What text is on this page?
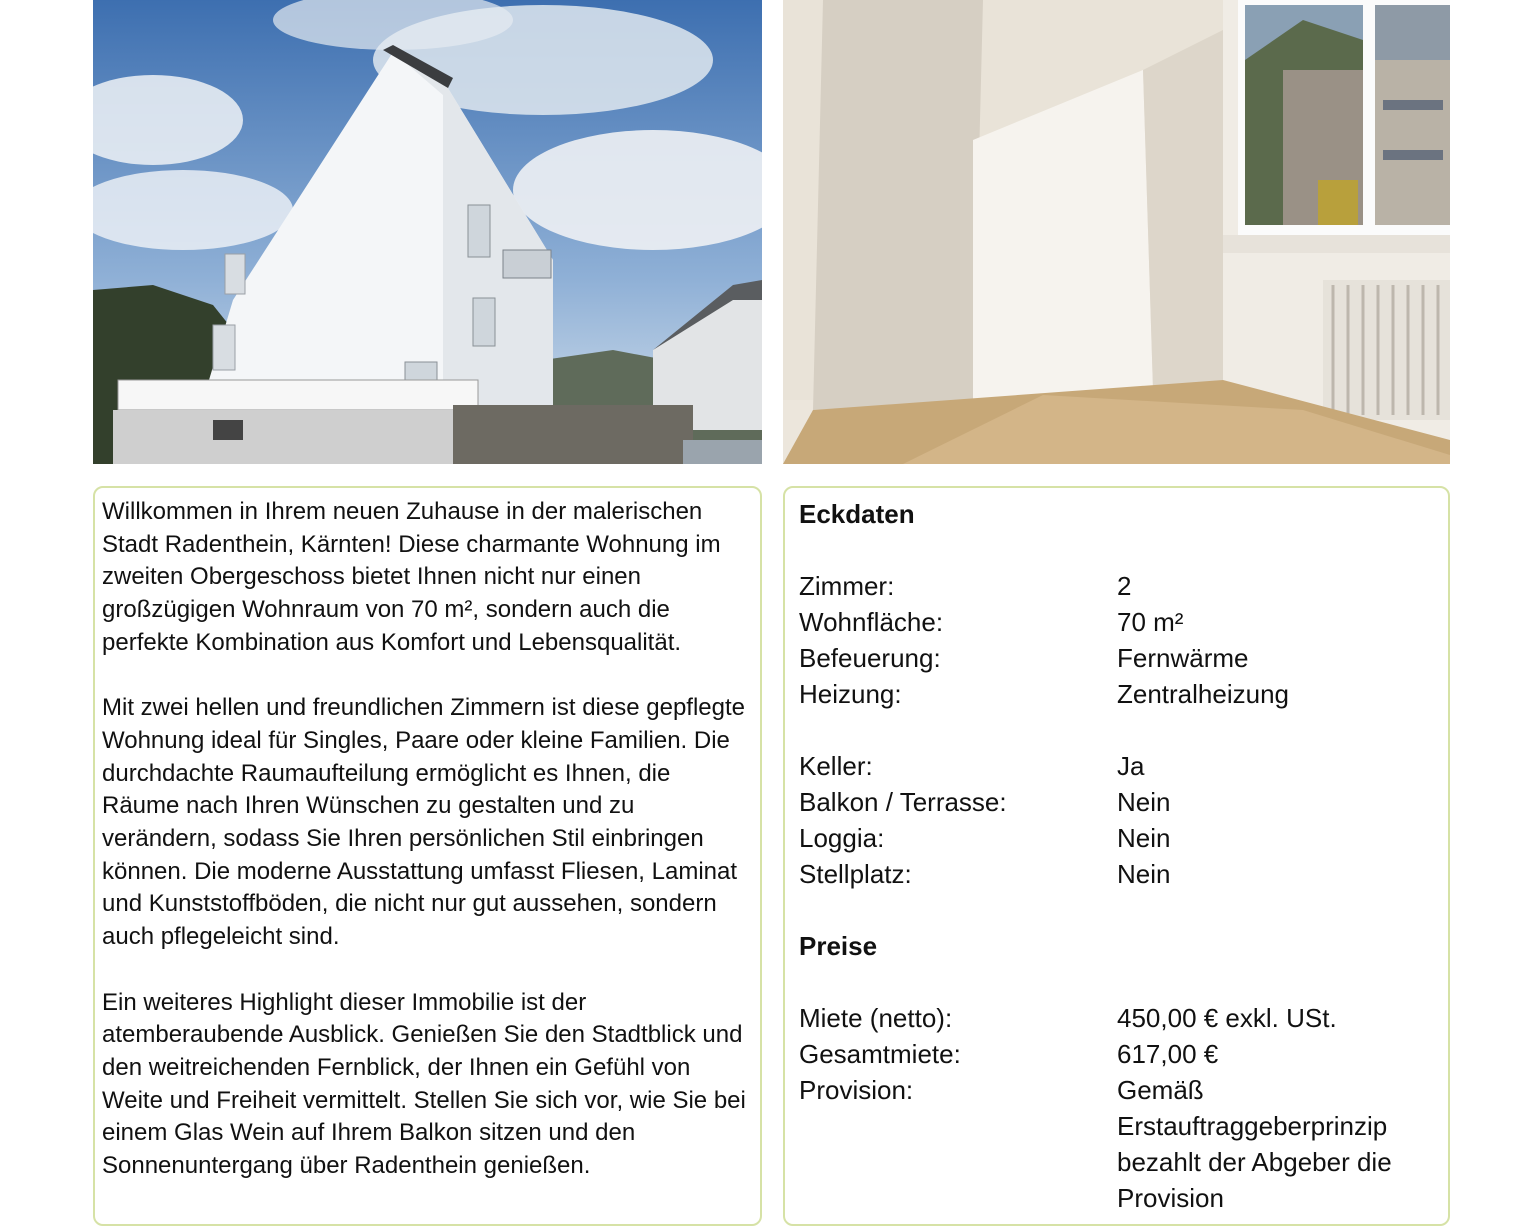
Willkommen in Ihrem neuen Zuhause in der malerischen Stadt Radenthein, Kärnten! Diese charmante Wohnung im zweiten Obergeschoss bietet Ihnen nicht nur einen großzügigen Wohnraum von 70 m², sondern auch die perfekte Kombination aus Komfort und Lebensqualität.

Mit zwei hellen und freundlichen Zimmern ist diese gepflegte Wohnung ideal für Singles, Paare oder kleine Familien. Die durchdachte Raumaufteilung ermöglicht es Ihnen, die Räume nach Ihren Wünschen zu gestalten und zu verändern, sodass Sie Ihren persönlichen Stil einbringen können. Die moderne Ausstattung umfasst Fliesen, Laminat und Kunststoffböden, die nicht nur gut aussehen, sondern auch pflegeleicht sind.

Ein weiteres Highlight dieser Immobilie ist der atemberaubende Ausblick. Genießen Sie den Stadtblick und den weitreichenden Fernblick, der Ihnen ein Gefühl von Weite und Freiheit vermittelt. Stellen Sie sich vor, wie Sie bei einem Glas Wein auf Ihrem Balkon sitzen und den Sonnenuntergang über Radenthein genießen.

Eckdaten
Zimmer:	2
Wohnfläche:	70 m²
Befeuerung:	Fernwärme
Heizung:	Zentralheizung
Keller:	Ja
Balkon / Terrasse:	Nein
Loggia:	Nein
Stellplatz:	Nein
Preise
Miete (netto):	450,00 € exkl. USt.
Gesamtmiete:	617,00 €
Provision:	Gemäß Erstauftraggeberprinzip bezahlt der Abgeber die Provision
